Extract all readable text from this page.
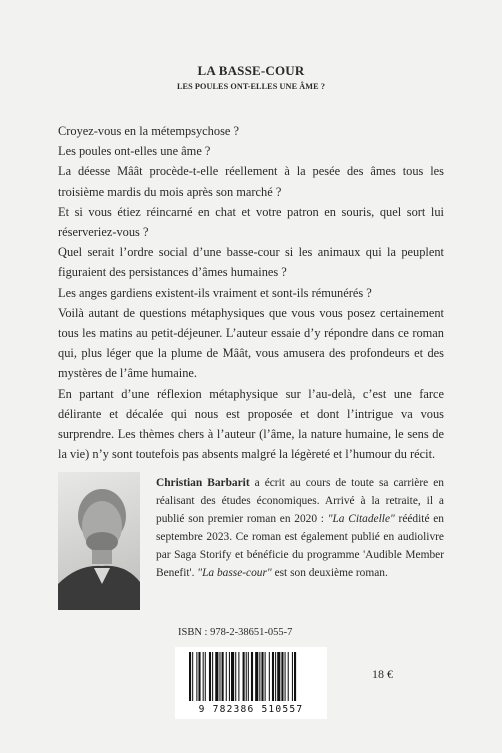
LA BASSE-COUR
LES POULES ONT-ELLES UNE ÂME ?

Croyez-vous en la métempsychose ?

Les poules ont-elles une âme ?

La déesse Mâât procède-t-elle réellement à la pesée des âmes tous les troisième mardis du mois après son marché ?

Et si vous étiez réincarné en chat et votre patron en souris, quel sort lui réserveriez-vous ?

Quel serait l’ordre social d’une basse-cour si les animaux qui la peuplent figuraient des persistances d’âmes humaines ?

Les anges gardiens existent-ils vraiment et sont-ils rémunérés ?

Voilà autant de questions métaphysiques que vous vous posez certainement tous les matins au petit-déjeuner. L’auteur essaie d’y répondre dans ce roman qui, plus léger que la plume de Mâât, vous amusera des profondeurs et des mystères de l’âme humaine.

En partant d’une réflexion métaphysique sur l’au-delà, c’est une farce délirante et décalée qui nous est proposée et dont l’intrigue va vous surprendre. Les thèmes chers à l’auteur (l’âme, la nature humaine, le sens de la vie) n’y sont toutefois pas absents malgré la légèreté et l’humour du récit.

Christian Barbarit a écrit au cours de toute sa carrière en réalisant des études économiques. Arrivé à la retraite, il a publié son premier roman en 2020 : "La Citadelle" réédité en septembre 2023. Ce roman est également publié en audiolivre par Saga Storify et bénéficie du programme 'Audible Member Benefit'. "La basse-cour" est son deuxième roman.
ISBN : 978-2-38651-055-7
9 782386 510557
18 €
